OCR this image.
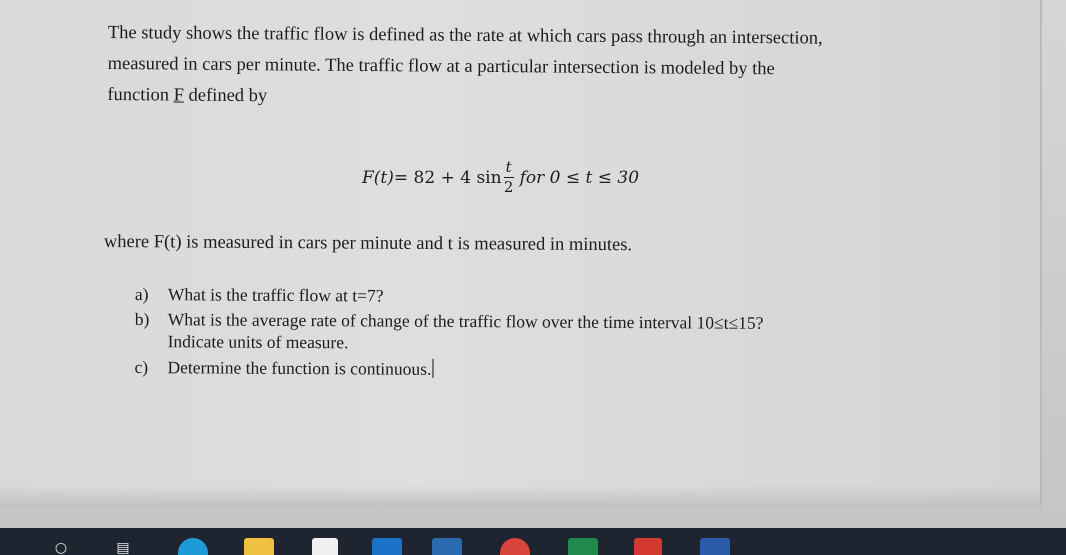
The study shows the traffic flow is defined as the rate at which cars pass through an intersection,

measured in cars per minute. The traffic flow at a particular intersection is modeled by the

function F defined by

F(t) = 82 + 4 $\sin \frac{t}{2}$ for 0 ≤ t ≤ 30
where F(t) is measured in cars per minute and t is measured in minutes.
a)	What is the traffic flow at t=7?
b)	What is the average rate of change of the traffic flow over the time interval 10≤t≤15?
Indicate units of measure.
c)	Determine the function is continuous.
○	▤
